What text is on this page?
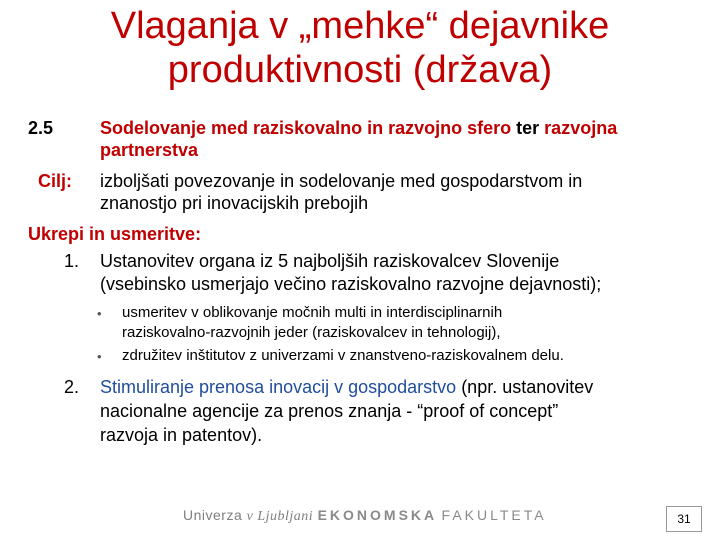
Vlaganja v „mehke“ dejavnike
produktivnosti (država)
2.5	Sodelovanje med raziskovalno in razvojno sfero ter razvojna
partnerstva
Cilj: izboljšati povezovanje in sodelovanje med gospodarstvom in
znanostjo pri inovacijskih prebojih
Ukrepi in usmeritve:
1. Ustanovitev organa iz 5 najboljših raziskovalcev Slovenije
(vsebinsko usmerjajo večino raziskovalno razvojne dejavnosti);
• usmeritev v oblikovanje močnih multi in interdisciplinarnih
raziskovalno-razvojnih jeder (raziskovalcev in tehnologij),
• združitev inštitutov z univerzami v znanstveno-raziskovalnem delu.
2. Stimuliranje prenosa inovacij v gospodarstvo (npr. ustanovitev
nacionalne agencije za prenos znanja - “proof of concept”
razvoja in patentov).
Univerza v Ljubljani EKONOMSKA FAKULTETA	31
